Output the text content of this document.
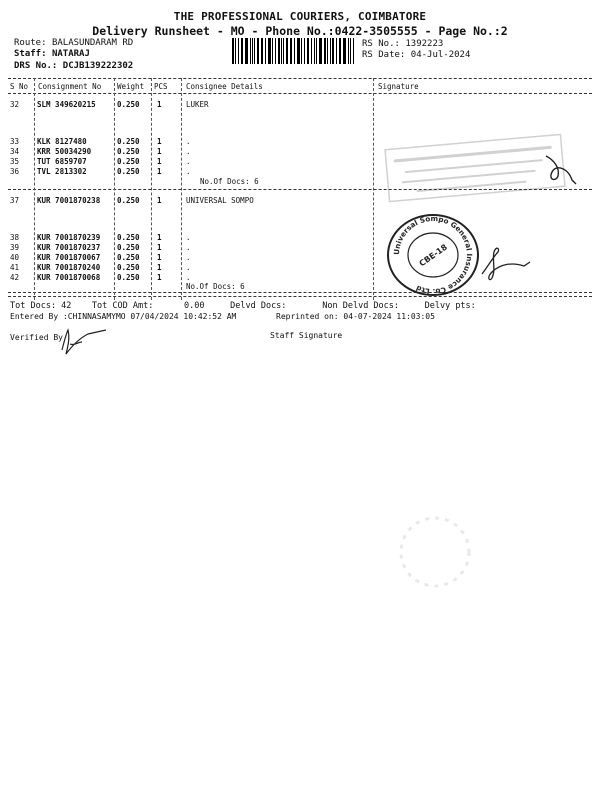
THE PROFESSIONAL COURIERS, COIMBATORE
Delivery Runsheet - MO - Phone No.:0422-3505555 - Page No.:2
Route: BALASUNDARAM RD
Staff: NATARAJ
DRS No.: DCJB139222302
RS No.: 1392223
RS Date: 04-Jul-2024
S No Consignment No Weight PCS Consignee Details	Signature
32 SLM 349620215	0.250 1	LUKER
33 KLK 8127480	0.250 1	.
34 KRR 50034290	0.250 1	.
35 TUT 6859707	0.250 1	.
36 TVL 2813302	0.250 1	.
No.Of Docs: 6
37 KUR 7001870238 0.250 1	UNIVERSAL SOMPO
38 KUR 7001870239 0.250 1	.
39 KUR 7001870237 0.250 1	.
40 KUR 7001870067 0.250 1	.
41 KUR 7001870240 0.250 1	.
42 KUR 7001870068 0.250 1	.
No.Of Docs: 6
Universal Sompo General Insurance Co. Ltd
CBE-18
Tot Docs: 42 Tot COD Amt:	0.00	Delvd Docs:	Non Delvd Docs:	Delvy pts:
Entered By :CHINNASAMYMO 07/04/2024 10:42:52 AM	Reprinted on: 04-07-2024 11:03:05
Verified By	Staff Signature
